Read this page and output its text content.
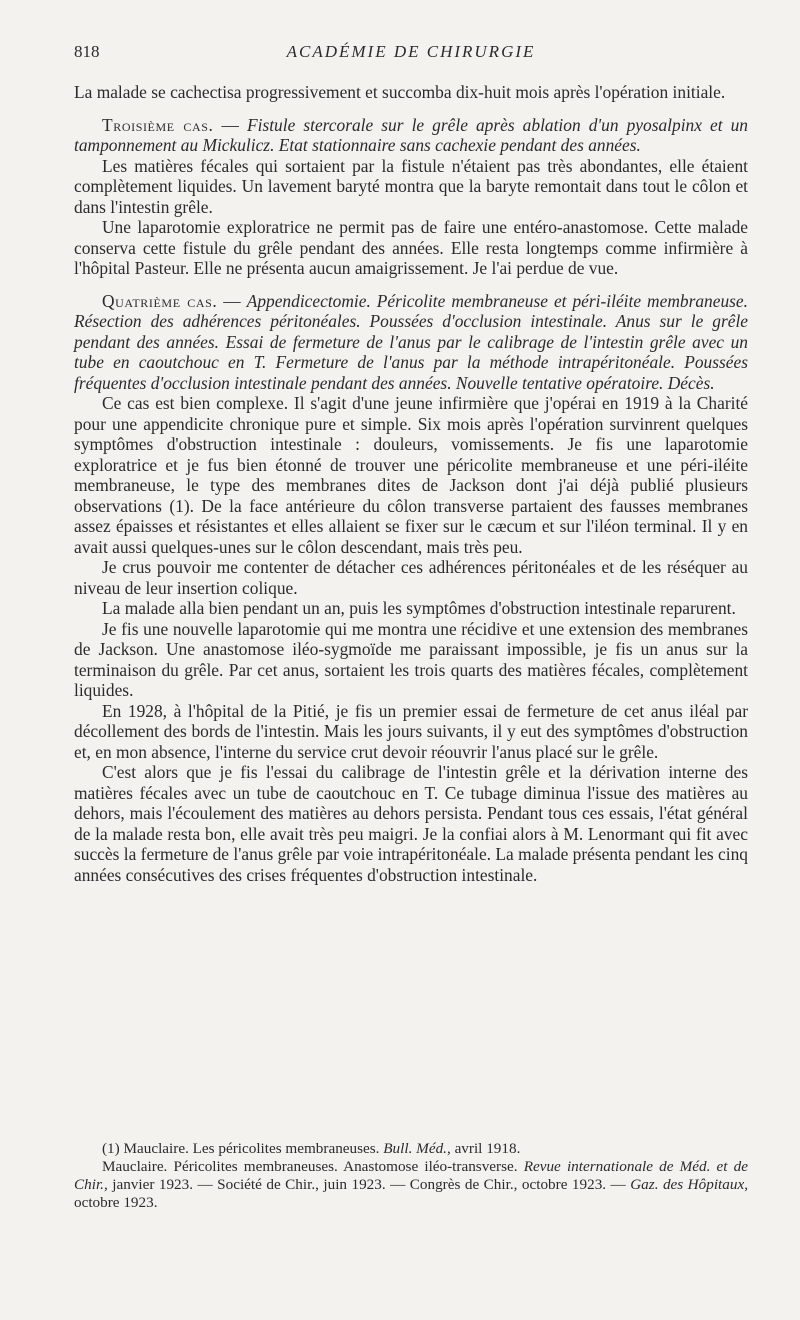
818	ACADÉMIE DE CHIRURGIE

La malade se cachectisa progressivement et succomba dix-huit mois après l'opération initiale.

Troisième cas. — Fistule stercorale sur le grêle après ablation d'un pyosalpinx et un tamponnement au Mickulicz. Etat stationnaire sans cachexie pendant des années.

Les matières fécales qui sortaient par la fistule n'étaient pas très abondantes, elle étaient complètement liquides. Un lavement baryté montra que la baryte remontait dans tout le côlon et dans l'intestin grêle.

Une laparotomie exploratrice ne permit pas de faire une entéro-anastomose. Cette malade conserva cette fistule du grêle pendant des années. Elle resta longtemps comme infirmière à l'hôpital Pasteur. Elle ne présenta aucun amaigrissement. Je l'ai perdue de vue.

Quatrième cas. — Appendicectomie. Péricolite membraneuse et péri-iléite membraneuse. Résection des adhérences péritonéales. Poussées d'occlusion intestinale. Anus sur le grêle pendant des années. Essai de fermeture de l'anus par le calibrage de l'intestin grêle avec un tube en caoutchouc en T. Fermeture de l'anus par la méthode intrapéritonéale. Poussées fréquentes d'occlusion intestinale pendant des années. Nouvelle tentative opératoire. Décès.

Ce cas est bien complexe. Il s'agit d'une jeune infirmière que j'opérai en 1919 à la Charité pour une appendicite chronique pure et simple. Six mois après l'opération survinrent quelques symptômes d'obstruction intestinale : douleurs, vomissements. Je fis une laparotomie exploratrice et je fus bien étonné de trouver une péricolite membraneuse et une péri-iléite membraneuse, le type des membranes dites de Jackson dont j'ai déjà publié plusieurs observations (1). De la face antérieure du côlon transverse partaient des fausses membranes assez épaisses et résistantes et elles allaient se fixer sur le cæcum et sur l'iléon terminal. Il y en avait aussi quelques-unes sur le côlon descendant, mais très peu.

Je crus pouvoir me contenter de détacher ces adhérences péritonéales et de les réséquer au niveau de leur insertion colique.

La malade alla bien pendant un an, puis les symptômes d'obstruction intestinale reparurent.

Je fis une nouvelle laparotomie qui me montra une récidive et une extension des membranes de Jackson. Une anastomose iléo-sygmoïde me paraissant impossible, je fis un anus sur la terminaison du grêle. Par cet anus, sortaient les trois quarts des matières fécales, complètement liquides.

En 1928, à l'hôpital de la Pitié, je fis un premier essai de fermeture de cet anus iléal par décollement des bords de l'intestin. Mais les jours suivants, il y eut des symptômes d'obstruction et, en mon absence, l'interne du service crut devoir réouvrir l'anus placé sur le grêle.

C'est alors que je fis l'essai du calibrage de l'intestin grêle et la dérivation interne des matières fécales avec un tube de caoutchouc en T. Ce tubage diminua l'issue des matières au dehors, mais l'écoulement des matières au dehors persista. Pendant tous ces essais, l'état général de la malade resta bon, elle avait très peu maigri. Je la confiai alors à M. Lenormant qui fit avec succès la fermeture de l'anus grêle par voie intrapéritonéale. La malade présenta pendant les cinq années consécutives des crises fréquentes d'obstruction intestinale.

(1) Mauclaire. Les péricolites membraneuses. Bull. Méd., avril 1918.

Mauclaire. Péricolites membraneuses. Anastomose iléo-transverse. Revue internationale de Méd. et de Chir., janvier 1923. — Société de Chir., juin 1923. — Congrès de Chir., octobre 1923. — Gaz. des Hôpitaux, octobre 1923.
